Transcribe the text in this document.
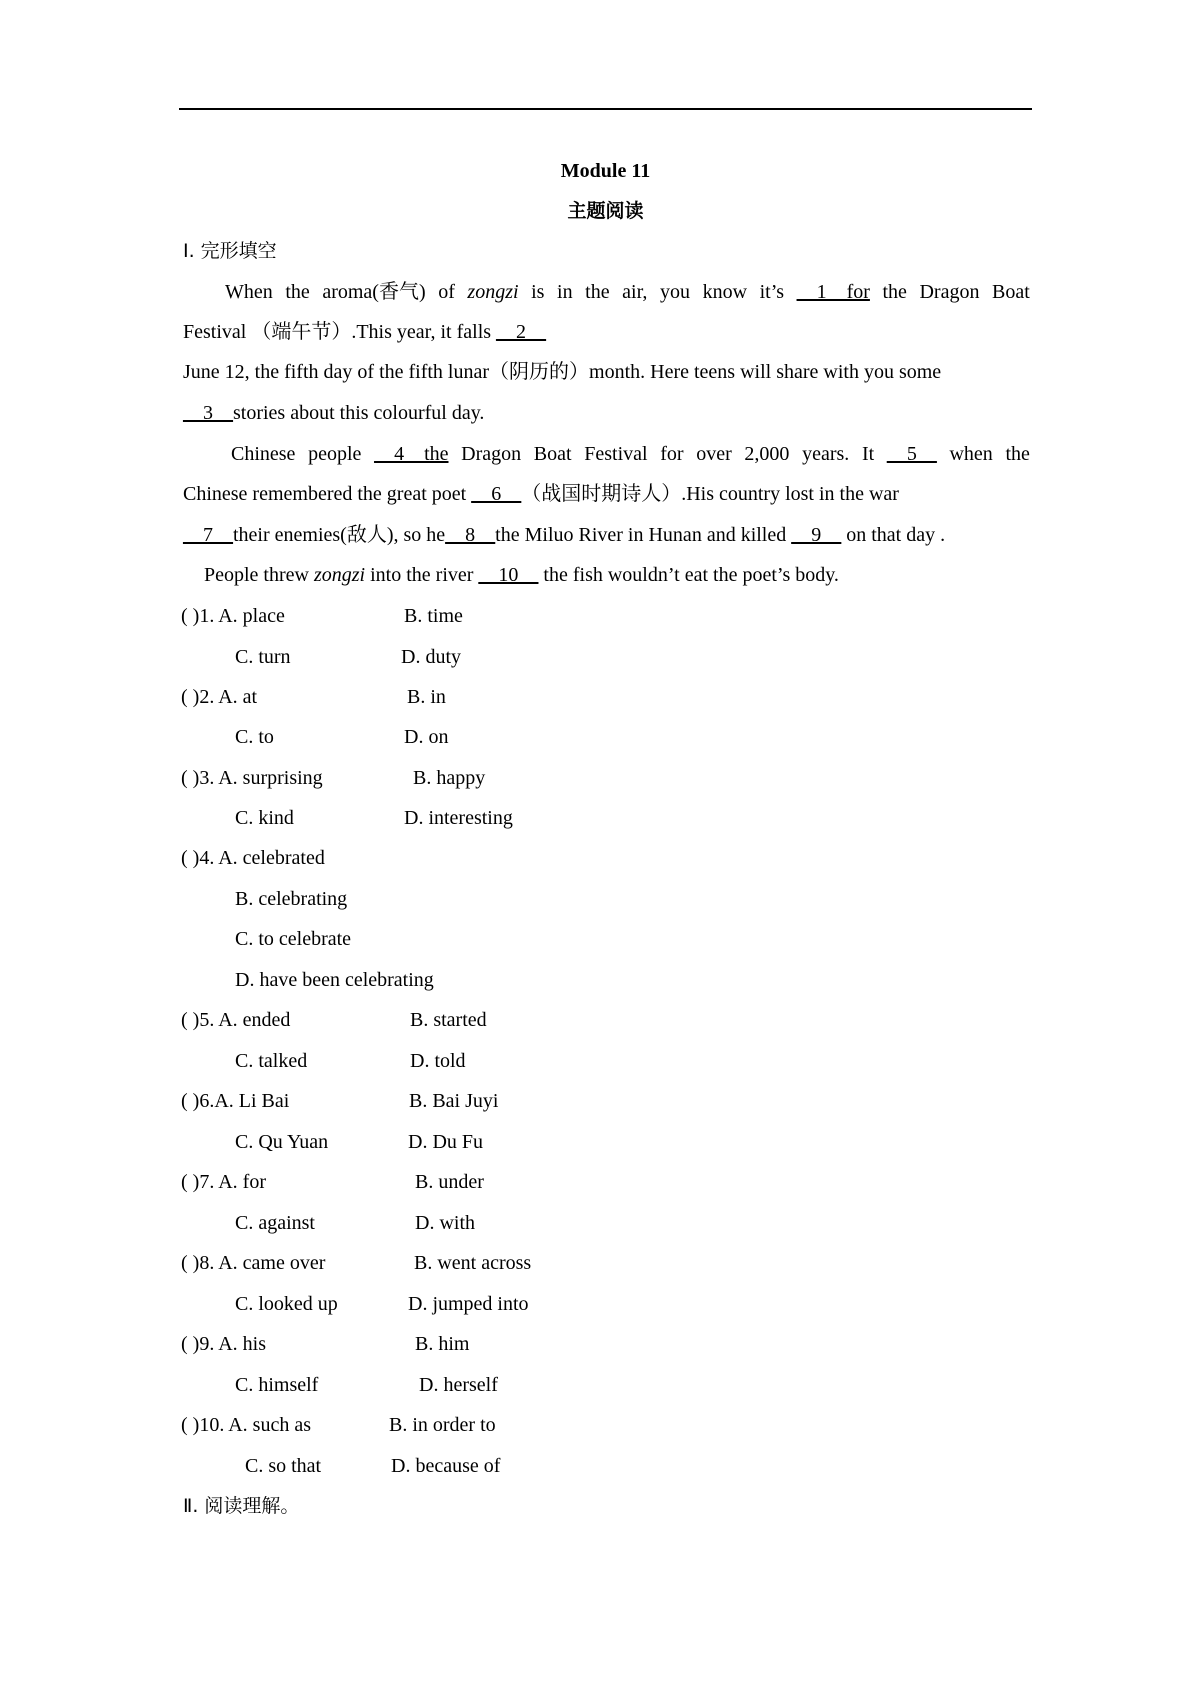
Module 11
主题阅读
Ⅰ. 完形填空
When the aroma(香气) of zongzi is in the air, you know it’s __1__for the Dragon Boat
Festival （端午节）.This year, it falls __2__
June 12, the fifth day of the fifth lunar（阴历的）month. Here teens will share with you some
__3__stories about this colourful day.
Chinese people __4__the Dragon Boat Festival for over 2,000 years. It __5__ when the
Chinese remembered the great poet __6__（战国时期诗人）.His country lost in the war
__7__their enemies(敌人), so he__8__the Miluo River in Hunan and killed __9__ on that day .
People threw zongzi into the river __10__ the fish wouldn’t eat the poet’s body.
( )1. A. place	B. time
C. turn	D. duty
( )2. A. at	B. in
C. to	D. on
( )3. A. surprising	B. happy
C. kind	D. interesting
( )4. A. celebrated
B. celebrating
C. to celebrate
D. have been celebrating
( )5. A. ended	B. started
C. talked	D. told
( )6.A. Li Bai	B. Bai Juyi
C. Qu Yuan	D. Du Fu
( )7. A. for	B. under
C. against	D. with
( )8. A. came over	B. went across
C. looked up	D. jumped into
( )9. A. his	B. him
C. himself	D. herself
( )10. A. such as	B. in order to
C. so that	D. because of
Ⅱ. 阅读理解。
